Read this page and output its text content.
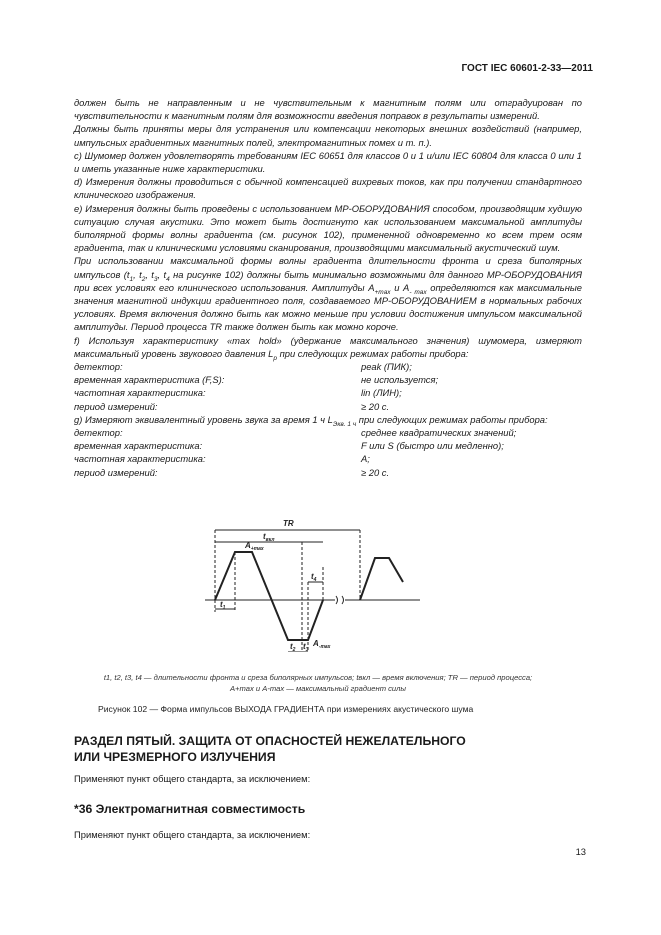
ГОСТ IEC 60601-2-33—2011

должен быть не направленным и не чувствительным к магнитным полям или отградуирован по чувствительности к магнитным полям для возможности введения поправок в результаты измерений.

Должны быть приняты меры для устранения или компенсации некоторых внешних воздействий (например, импульсных градиентных магнитных полей, электромагнитных помех и т. п.).

с) Шумомер должен удовлетворять требованиям IEC 60651 для классов 0 и 1 и/или IEC 60804 для класса 0 или 1 и иметь указанные ниже характеристики.

d) Измерения должны проводиться с обычной компенсацией вихревых токов, как при получении стандартного клинического изображения.

е) Измерения должны быть проведены с использованием МР-ОБОРУДОВАНИЯ способом, производящим худшую ситуацию случая акустики. Это может быть достигнуто как использованием максимальной амплитуды биполярной формы волны градиента (см. рисунок 102), примененной одновременно ко всем трем осям градиента, так и клиническими условиями сканирования, производящими максимальный акустический шум.

При использовании максимальной формы волны градиента длительности фронта и среза биполярных импульсов ($t_1$, $t_2$, $t_3$, $t_4$ на рисунке 102) должны быть минимально возможными для данного МР-ОБОРУДОВАНИЯ при всех условиях его клинического использования. Амплитуды $A_{+max}$ и $A_{- max}$ определяются как максимальные значения магнитной индукции градиентного поля, создаваемого МР-ОБОРУДОВАНИЕМ в нормальных рабочих условиях. Время включения должно быть как можно меньше при условии достижения импульсом максимальной амплитуды. Период процесса TR также должен быть как можно короче.

f) Используя характеристику «max hold» (удержание максимального значения) шумомера, измеряют максимальный уровень звукового давления $L_p$ при следующих режимах работы прибора:

детектор:	peak (ПИК);
временная характеристика (F,S):	не используется;
частотная характеристика:	lin (ЛИН);
период измерений:	≥ 20 с.

g) Измеряют эквивалентный уровень звука за время 1 ч $L_{Экв. 1 ч}$ при следующих режимах работы прибора:

детектор:	среднее квадратических значений;
временная характеристика:	F или S (быстро или медленно);
частотная характеристика:	A;
период измерений:	≥ 20 с.
TR
$t_{вкл}$
$A_{+max}$
$A_{-max}$
$t_1$
$t_2$ $t_3$
$t_4$
t1, t2, t3, t4 — длительности фронта и среза биполярных импульсов; tвкл — время включения; TR — период процесса;
A+max и A-max — максимальный градиент силы
Рисунок 102 — Форма импульсов ВЫХОДА ГРАДИЕНТА при измерениях акустического шума
РАЗДЕЛ ПЯТЫЙ. ЗАЩИТА ОТ ОПАСНОСТЕЙ НЕЖЕЛАТЕЛЬНОГО
ИЛИ ЧРЕЗМЕРНОГО ИЗЛУЧЕНИЯ
Применяют пункт общего стандарта, за исключением:
*36 Электромагнитная совместимость
Применяют пункт общего стандарта, за исключением:
13
